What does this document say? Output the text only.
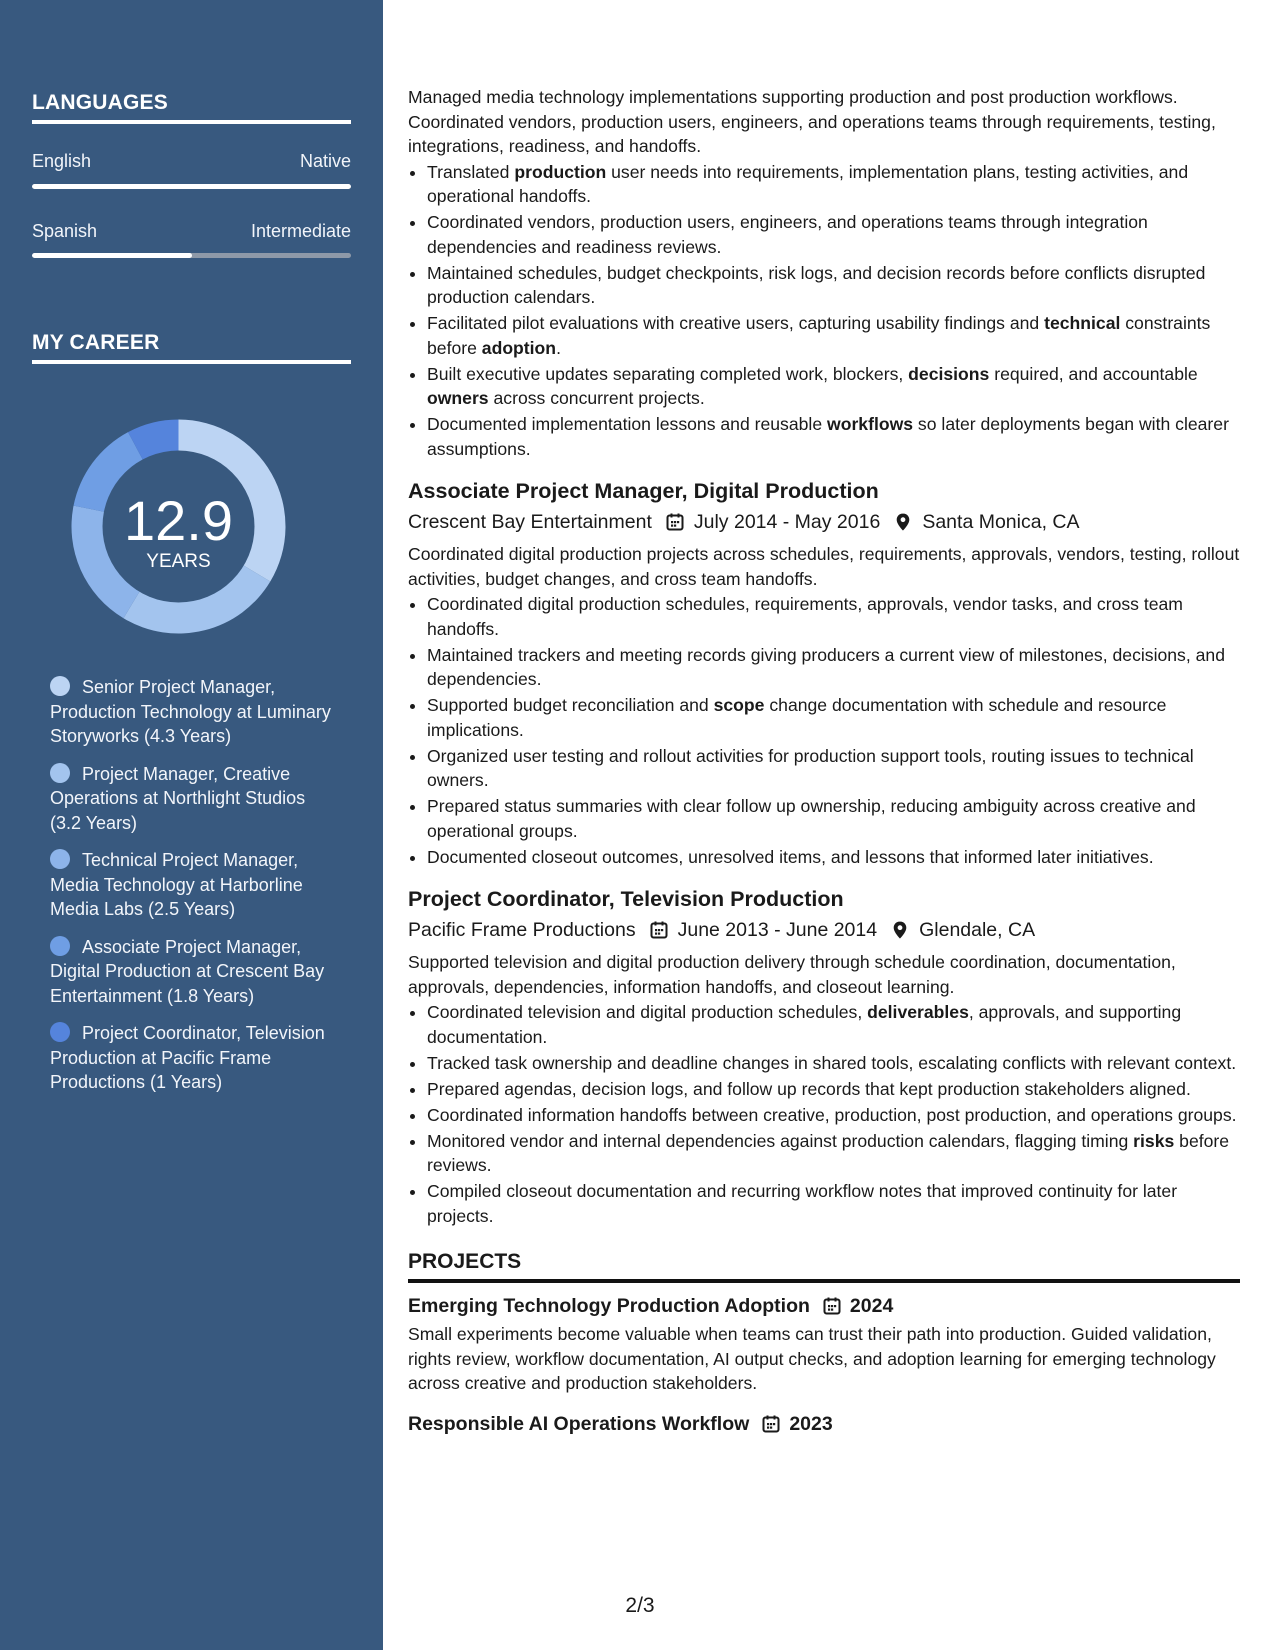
LANGUAGES
English	Native
Spanish	Intermediate
MY CAREER
12.9
YEARS
Senior Project Manager, Production Technology at Luminary Storyworks (4.3 Years)
Project Manager, Creative Operations at Northlight Studios (3.2 Years)
Technical Project Manager, Media Technology at Harborline Media Labs (2.5 Years)
Associate Project Manager, Digital Production at Crescent Bay Entertainment (1.8 Years)
Project Coordinator, Television Production at Pacific Frame Productions (1 Years)

Managed media technology implementations supporting production and post production workflows. Coordinated vendors, production users, engineers, and operations teams through requirements, testing, integrations, readiness, and handoffs.

• Translated production user needs into requirements, implementation plans, testing activities, and operational handoffs.
• Coordinated vendors, production users, engineers, and operations teams through integration dependencies and readiness reviews.
• Maintained schedules, budget checkpoints, risk logs, and decision records before conflicts disrupted production calendars.
• Facilitated pilot evaluations with creative users, capturing usability findings and technical constraints before adoption.
• Built executive updates separating completed work, blockers, decisions required, and accountable owners across concurrent projects.
• Documented implementation lessons and reusable workflows so later deployments began with clearer assumptions.
Associate Project Manager, Digital Production
Crescent Bay Entertainment July 2014 - May 2016 Santa Monica, CA

Coordinated digital production projects across schedules, requirements, approvals, vendors, testing, rollout activities, budget changes, and cross team handoffs.

• Coordinated digital production schedules, requirements, approvals, vendor tasks, and cross team handoffs.
• Maintained trackers and meeting records giving producers a current view of milestones, decisions, and dependencies.
• Supported budget reconciliation and scope change documentation with schedule and resource implications.
• Organized user testing and rollout activities for production support tools, routing issues to technical owners.
• Prepared status summaries with clear follow up ownership, reducing ambiguity across creative and operational groups.
• Documented closeout outcomes, unresolved items, and lessons that informed later initiatives.
Project Coordinator, Television Production
Pacific Frame Productions June 2013 - June 2014 Glendale, CA

Supported television and digital production delivery through schedule coordination, documentation, approvals, dependencies, information handoffs, and closeout learning.

• Coordinated television and digital production schedules, deliverables, approvals, and supporting documentation.
• Tracked task ownership and deadline changes in shared tools, escalating conflicts with relevant context.
• Prepared agendas, decision logs, and follow up records that kept production stakeholders aligned.
• Coordinated information handoffs between creative, production, post production, and operations groups.
• Monitored vendor and internal dependencies against production calendars, flagging timing risks before reviews.
• Compiled closeout documentation and recurring workflow notes that improved continuity for later projects.
PROJECTS
Emerging Technology Production Adoption 2024

Small experiments become valuable when teams can trust their path into production. Guided validation, rights review, workflow documentation, AI output checks, and adoption learning for emerging technology across creative and production stakeholders.

Responsible AI Operations Workflow 2023
2/3
